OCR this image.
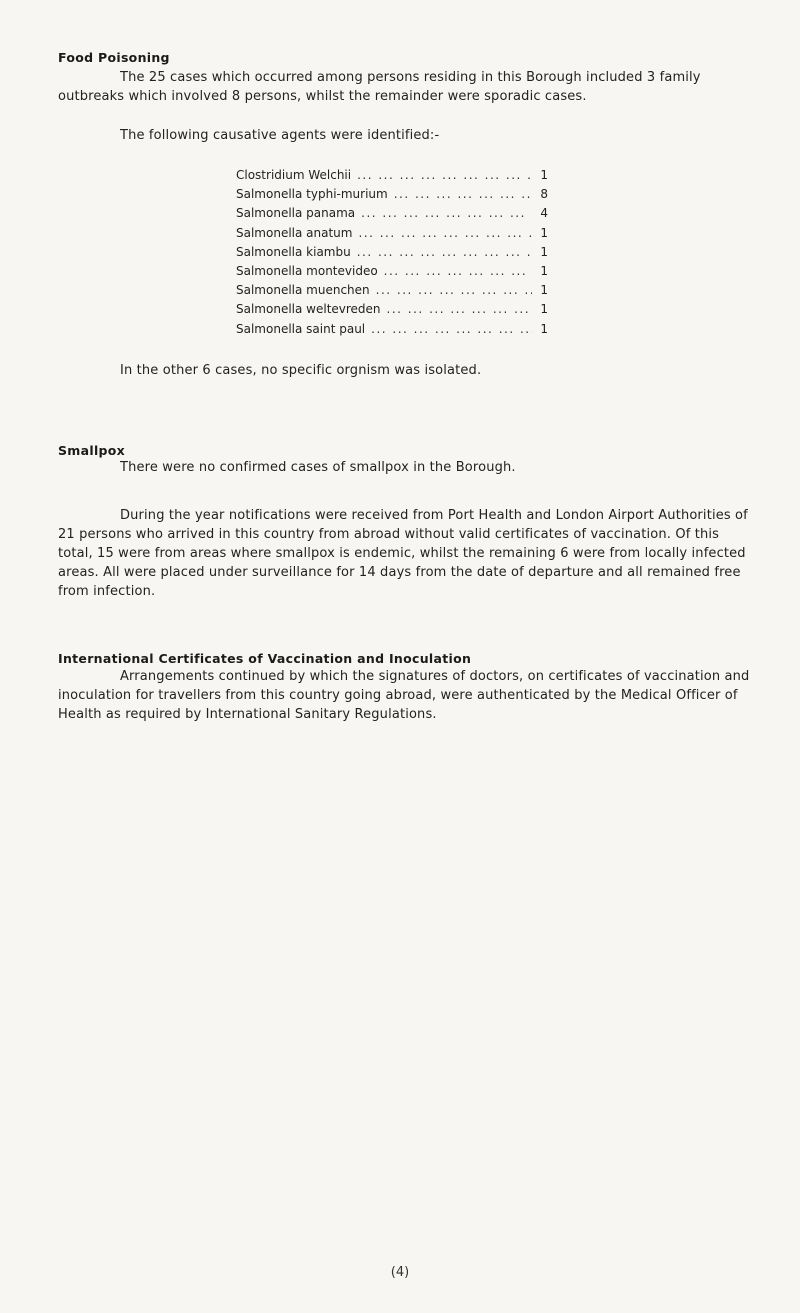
Food Poisoning

The 25 cases which occurred among persons residing in this Borough included 3 family outbreaks which involved 8 persons, whilst the remainder were sporadic cases.

The following causative agents were identified:-

Clostridium Welchii ... .	1
Salmonella typhi-murium ... .	8
Salmonella panama ... .	4
Salmonella anatum ... .	1
Salmonella kiambu ... .	1
Salmonella montevideo ... .	1
Salmonella muenchen ... .	1
Salmonella weltevreden ... .	1
Salmonella saint paul ... .	1

In the other 6 cases, no specific orgnism was isolated.

Smallpox

There were no confirmed cases of smallpox in the Borough.

During the year notifications were received from Port Health and London Airport Authorities of 21 persons who arrived in this country from abroad without valid certificates of vaccination. Of this total, 15 were from areas where smallpox is endemic, whilst the remaining 6 were from locally infected areas. All were placed under surveillance for 14 days from the date of departure and all remained free from infection.

International Certificates of Vaccination and Inoculation

Arrangements continued by which the signatures of doctors, on certificates of vaccination and inoculation for travellers from this country going abroad, were authenticated by the Medical Officer of Health as required by International Sanitary Regulations.

(4)
